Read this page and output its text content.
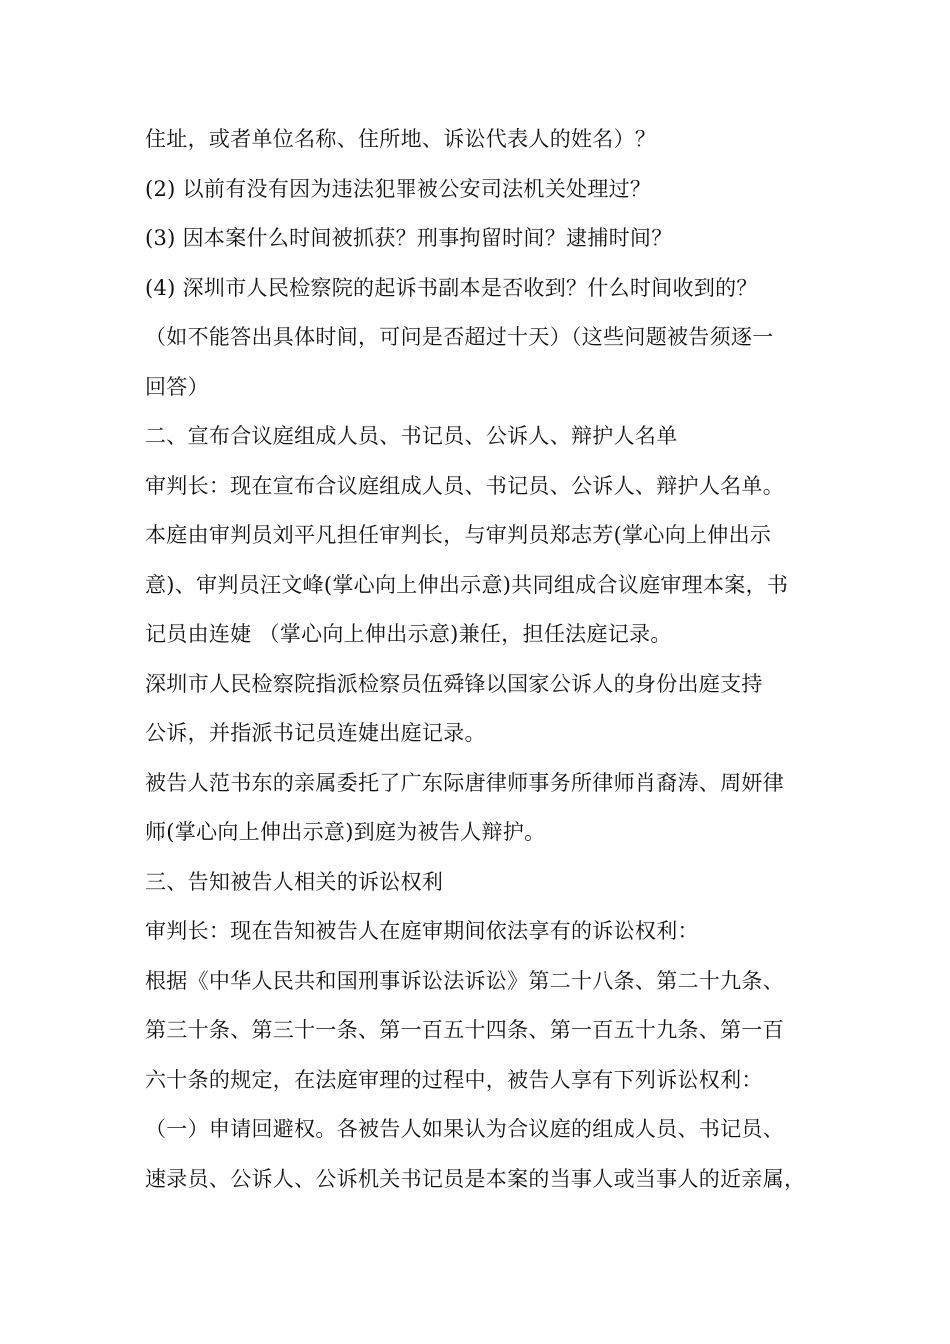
住址，或者单位名称、住所地、诉讼代表人的姓名）？
(2) 以前有没有因为违法犯罪被公安司法机关处理过？
(3) 因本案什么时间被抓获？刑事拘留时间？逮捕时间？
(4) 深圳市人民检察院的起诉书副本是否收到？什么时间收到的？
（如不能答出具体时间，可问是否超过十天）（这些问题被告须逐一
回答）
二、宣布合议庭组成人员、书记员、公诉人、辩护人名单
审判长：现在宣布合议庭组成人员、书记员、公诉人、辩护人名单。
本庭由审判员刘平凡担任审判长，与审判员郑志芳(掌心向上伸出示
意)、审判员汪文峰(掌心向上伸出示意)共同组成合议庭审理本案，书
记员由连婕 （掌心向上伸出示意)兼任，担任法庭记录。
深圳市人民检察院指派检察员伍舜锋以国家公诉人的身份出庭支持
公诉，并指派书记员连婕出庭记录。
被告人范书东的亲属委托了广东际唐律师事务所律师肖裔涛、周妍律
师(掌心向上伸出示意)到庭为被告人辩护。
三、告知被告人相关的诉讼权利
审判长：现在告知被告人在庭审期间依法享有的诉讼权利：
根据《中华人民共和国刑事诉讼法诉讼》第二十八条、第二十九条、
第三十条、第三十一条、第一百五十四条、第一百五十九条、第一百
六十条的规定，在法庭审理的过程中，被告人享有下列诉讼权利：
（一）申请回避权。各被告人如果认为合议庭的组成人员、书记员、
速录员、公诉人、公诉机关书记员是本案的当事人或当事人的近亲属，
